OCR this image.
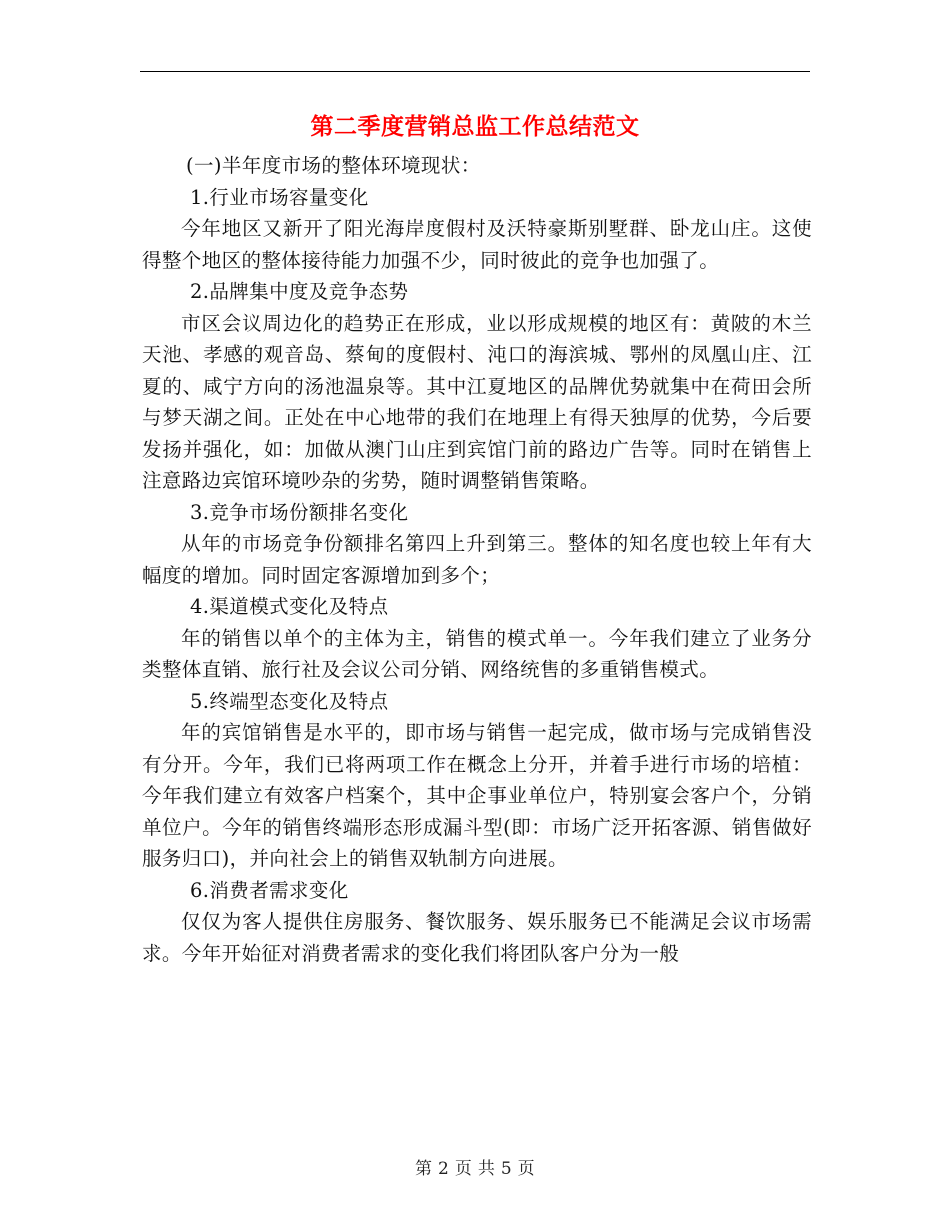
第二季度营销总监工作总结范文

(一)半年度市场的整体环境现状：

1.行业市场容量变化

今年地区又新开了阳光海岸度假村及沃特豪斯别墅群、卧龙山庄。这使得整个地区的整体接待能力加强不少，同时彼此的竞争也加强了。

2.品牌集中度及竞争态势

市区会议周边化的趋势正在形成，业以形成规模的地区有：黄陂的木兰天池、孝感的观音岛、蔡甸的度假村、沌口的海滨城、鄂州的凤凰山庄、江夏的、咸宁方向的汤池温泉等。其中江夏地区的品牌优势就集中在荷田会所与梦天湖之间。正处在中心地带的我们在地理上有得天独厚的优势，今后要发扬并强化，如：加做从澳门山庄到宾馆门前的路边广告等。同时在销售上注意路边宾馆环境吵杂的劣势，随时调整销售策略。

3.竞争市场份额排名变化

从年的市场竞争份额排名第四上升到第三。整体的知名度也较上年有大幅度的增加。同时固定客源增加到多个；

4.渠道模式变化及特点

年的销售以单个的主体为主，销售的模式单一。今年我们建立了业务分类整体直销、旅行社及会议公司分销、网络统售的多重销售模式。

5.终端型态变化及特点

年的宾馆销售是水平的，即市场与销售一起完成，做市场与完成销售没有分开。今年，我们已将两项工作在概念上分开，并着手进行市场的培植：今年我们建立有效客户档案个，其中企事业单位户，特别宴会客户个，分销单位户。今年的销售终端形态形成漏斗型(即：市场广泛开拓客源、销售做好服务归口)，并向社会上的销售双轨制方向进展。

6.消费者需求变化

仅仅为客人提供住房服务、餐饮服务、娱乐服务已不能满足会议市场需求。今年开始征对消费者需求的变化我们将团队客户分为一般

第 2 页 共 5 页
